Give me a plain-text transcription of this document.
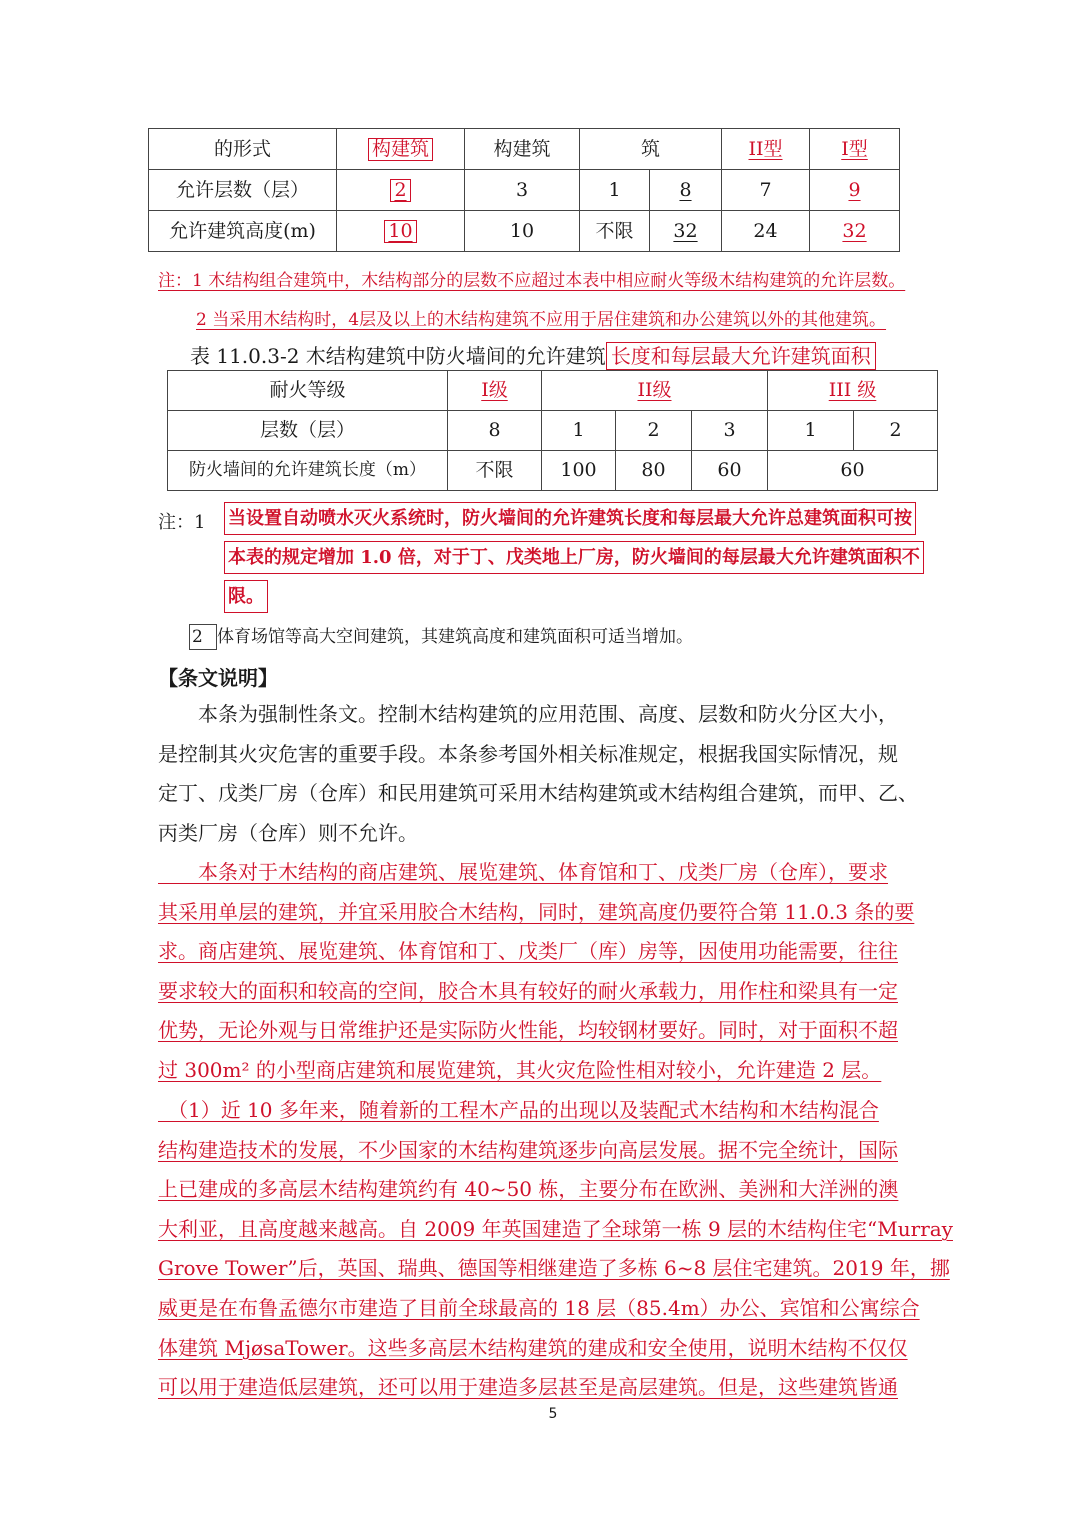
的形式	构建筑	构建筑	筑		II型	I型
允许层数（层）	2	3	1	8	7	9
允许建筑高度(m)	10	10	不限	32	24	32
注：1 木结构组合建筑中，木结构部分的层数不应超过本表中相应耐火等级木结构建筑的允许层数。
2 当采用木结构时，4层及以上的木结构建筑不应用于居住建筑和办公建筑以外的其他建筑。
表 11.0.3-2 木结构建筑中防火墙间的允许建筑 长度和每层最大允许建筑面积
耐火等级	I级	II级			III 级	
层数（层）	8	1	2	3	1	2
防火墙间的允许建筑长度（m）	不限	100	80	60	60	
注：1 当设置自动喷水灭火系统时，防火墙间的允许建筑长度和每层最大允许总建筑面积可按
本表的规定增加 1.0 倍，对于丁、戊类地上厂房，防火墙间的每层最大允许建筑面积不
限。
2 体育场馆等高大空间建筑，其建筑高度和建筑面积可适当增加。
【条文说明】
　　本条为强制性条文。控制木结构建筑的应用范围、高度、层数和防火分区大小，
是控制其火灾危害的重要手段。本条参考国外相关标准规定，根据我国实际情况，规
定丁、戊类厂房（仓库）和民用建筑可采用木结构建筑或木结构组合建筑，而甲、乙、
丙类厂房（仓库）则不允许。
　　本条对于木结构的商店建筑、展览建筑、体育馆和丁、戊类厂房（仓库），要求
其采用单层的建筑，并宜采用胶合木结构，同时，建筑高度仍要符合第 11.0.3 条的要
求。商店建筑、展览建筑、体育馆和丁、戊类厂（库）房等，因使用功能需要，往往
要求较大的面积和较高的空间，胶合木具有较好的耐火承载力，用作柱和梁具有一定
优势，无论外观与日常维护还是实际防火性能，均较钢材要好。同时，对于面积不超
过 300m² 的小型商店建筑和展览建筑，其火灾危险性相对较小，允许建造 2 层。
　（1）近 10 多年来，随着新的工程木产品的出现以及装配式木结构和木结构混合
结构建造技术的发展，不少国家的木结构建筑逐步向高层发展。据不完全统计，国际
上已建成的多高层木结构建筑约有 40~50 栋，主要分布在欧洲、美洲和大洋洲的澳
大利亚，且高度越来越高。自 2009 年英国建造了全球第一栋 9 层的木结构住宅“Murray
Grove Tower”后，英国、瑞典、德国等相继建造了多栋 6~8 层住宅建筑。2019 年，挪
威更是在布鲁孟德尔市建造了目前全球最高的 18 层（85.4m）办公、宾馆和公寓综合
体建筑 MjøsaTower。这些多高层木结构建筑的建成和安全使用，说明木结构不仅仅
可以用于建造低层建筑，还可以用于建造多层甚至是高层建筑。但是，这些建筑皆通
5
